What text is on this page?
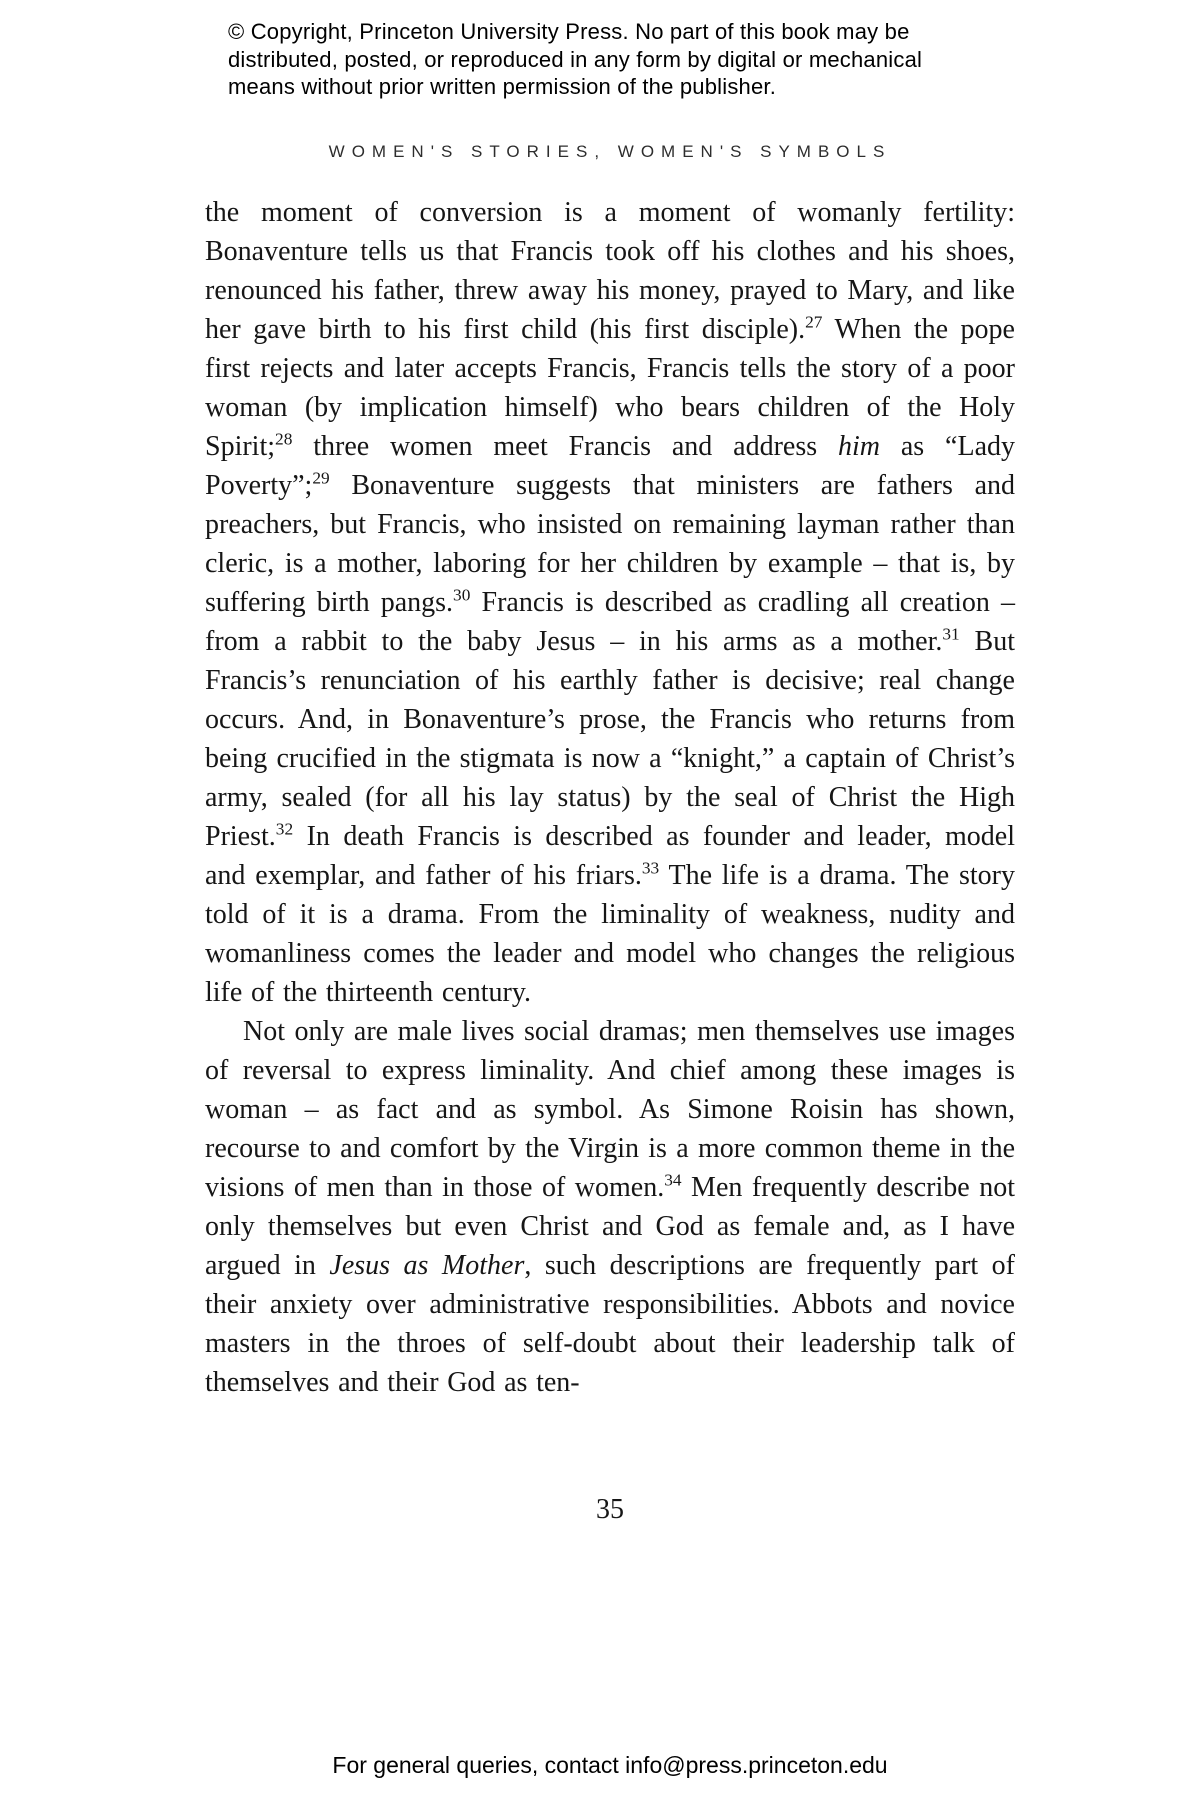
© Copyright, Princeton University Press. No part of this book may be
distributed, posted, or reproduced in any form by digital or mechanical
means without prior written permission of the publisher.
WOMEN'S STORIES, WOMEN'S SYMBOLS

the moment of conversion is a moment of womanly fertility: Bonaventure tells us that Francis took off his clothes and his shoes, renounced his father, threw away his money, prayed to Mary, and like her gave birth to his first child (his first disciple).$^{27}$ When the pope first rejects and later accepts Francis, Francis tells the story of a poor woman (by implication himself) who bears children of the Holy Spirit;$^{28}$ three women meet Francis and address him as “Lady Poverty”;$^{29}$ Bonaventure suggests that ministers are fathers and preachers, but Francis, who insisted on remaining layman rather than cleric, is a mother, laboring for her children by example – that is, by suffering birth pangs.$^{30}$ Francis is described as cradling all creation – from a rabbit to the baby Jesus – in his arms as a mother.$^{31}$ But Francis’s renunciation of his earthly father is decisive; real change occurs. And, in Bonaventure’s prose, the Francis who returns from being crucified in the stigmata is now a “knight,” a captain of Christ’s army, sealed (for all his lay status) by the seal of Christ the High Priest.$^{32}$ In death Francis is described as founder and leader, model and exemplar, and father of his friars.$^{33}$ The life is a drama. The story told of it is a drama. From the liminality of weakness, nudity and womanliness comes the leader and model who changes the religious life of the thirteenth century.

Not only are male lives social dramas; men themselves use images of reversal to express liminality. And chief among these images is woman – as fact and as symbol. As Simone Roisin has shown, recourse to and comfort by the Virgin is a more common theme in the visions of men than in those of women.$^{34}$ Men frequently describe not only themselves but even Christ and God as female and, as I have argued in Jesus as Mother, such descriptions are frequently part of their anxiety over administrative responsibilities. Abbots and novice masters in the throes of self-doubt about their leadership talk of themselves and their God as ten-

35
For general queries, contact info@press.princeton.edu
